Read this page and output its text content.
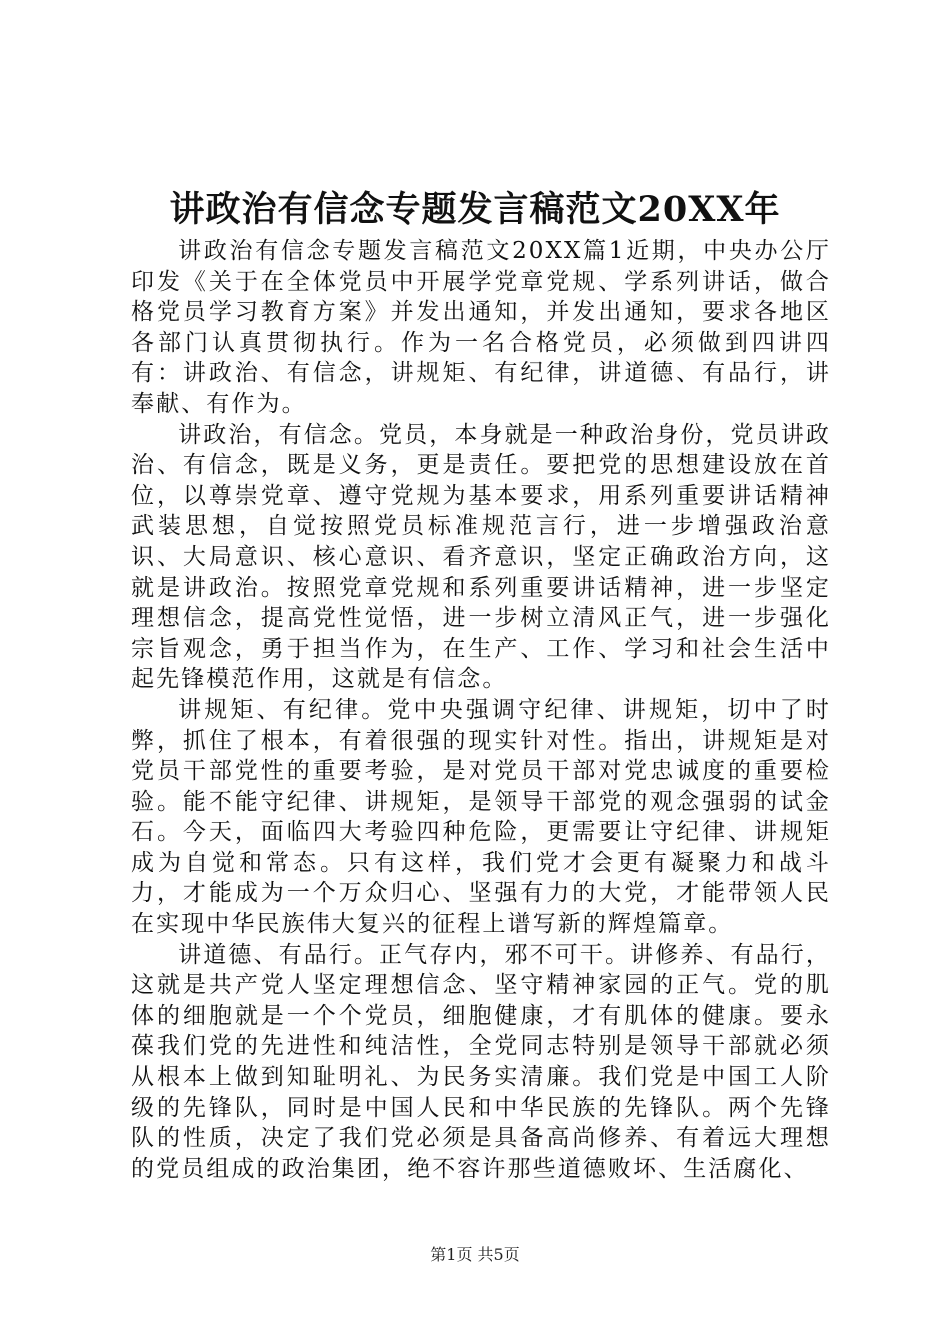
讲政治有信念专题发言稿范文20XX年

讲政治有信念专题发言稿范文20XX篇1近期，中央办公厅印发《关于在全体党员中开展学党章党规、学系列讲话，做合格党员学习教育方案》并发出通知，并发出通知，要求各地区各部门认真贯彻执行。作为一名合格党员，必须做到四讲四有：讲政治、有信念，讲规矩、有纪律，讲道德、有品行，讲奉献、有作为。

讲政治，有信念。党员，本身就是一种政治身份，党员讲政治、有信念，既是义务，更是责任。要把党的思想建设放在首位，以尊崇党章、遵守党规为基本要求，用系列重要讲话精神武装思想，自觉按照党员标准规范言行，进一步增强政治意识、大局意识、核心意识、看齐意识，坚定正确政治方向，这就是讲政治。按照党章党规和系列重要讲话精神，进一步坚定理想信念，提高党性觉悟，进一步树立清风正气，进一步强化宗旨观念，勇于担当作为，在生产、工作、学习和社会生活中起先锋模范作用，这就是有信念。

讲规矩、有纪律。党中央强调守纪律、讲规矩，切中了时弊，抓住了根本，有着很强的现实针对性。指出，讲规矩是对党员干部党性的重要考验，是对党员干部对党忠诚度的重要检验。能不能守纪律、讲规矩，是领导干部党的观念强弱的试金石。今天，面临四大考验四种危险，更需要让守纪律、讲规矩成为自觉和常态。只有这样，我们党才会更有凝聚力和战斗力，才能成为一个万众归心、坚强有力的大党，才能带领人民在实现中华民族伟大复兴的征程上谱写新的辉煌篇章。

讲道德、有品行。正气存内，邪不可干。讲修养、有品行，这就是共产党人坚定理想信念、坚守精神家园的正气。党的肌体的细胞就是一个个党员，细胞健康，才有肌体的健康。要永葆我们党的先进性和纯洁性，全党同志特别是领导干部就必须从根本上做到知耻明礼、为民务实清廉。我们党是中国工人阶级的先锋队，同时是中国人民和中华民族的先锋队。两个先锋队的性质，决定了我们党必须是具备高尚修养、有着远大理想的党员组成的政治集团，绝不容许那些道德败坏、生活腐化、

第1页 共5页
